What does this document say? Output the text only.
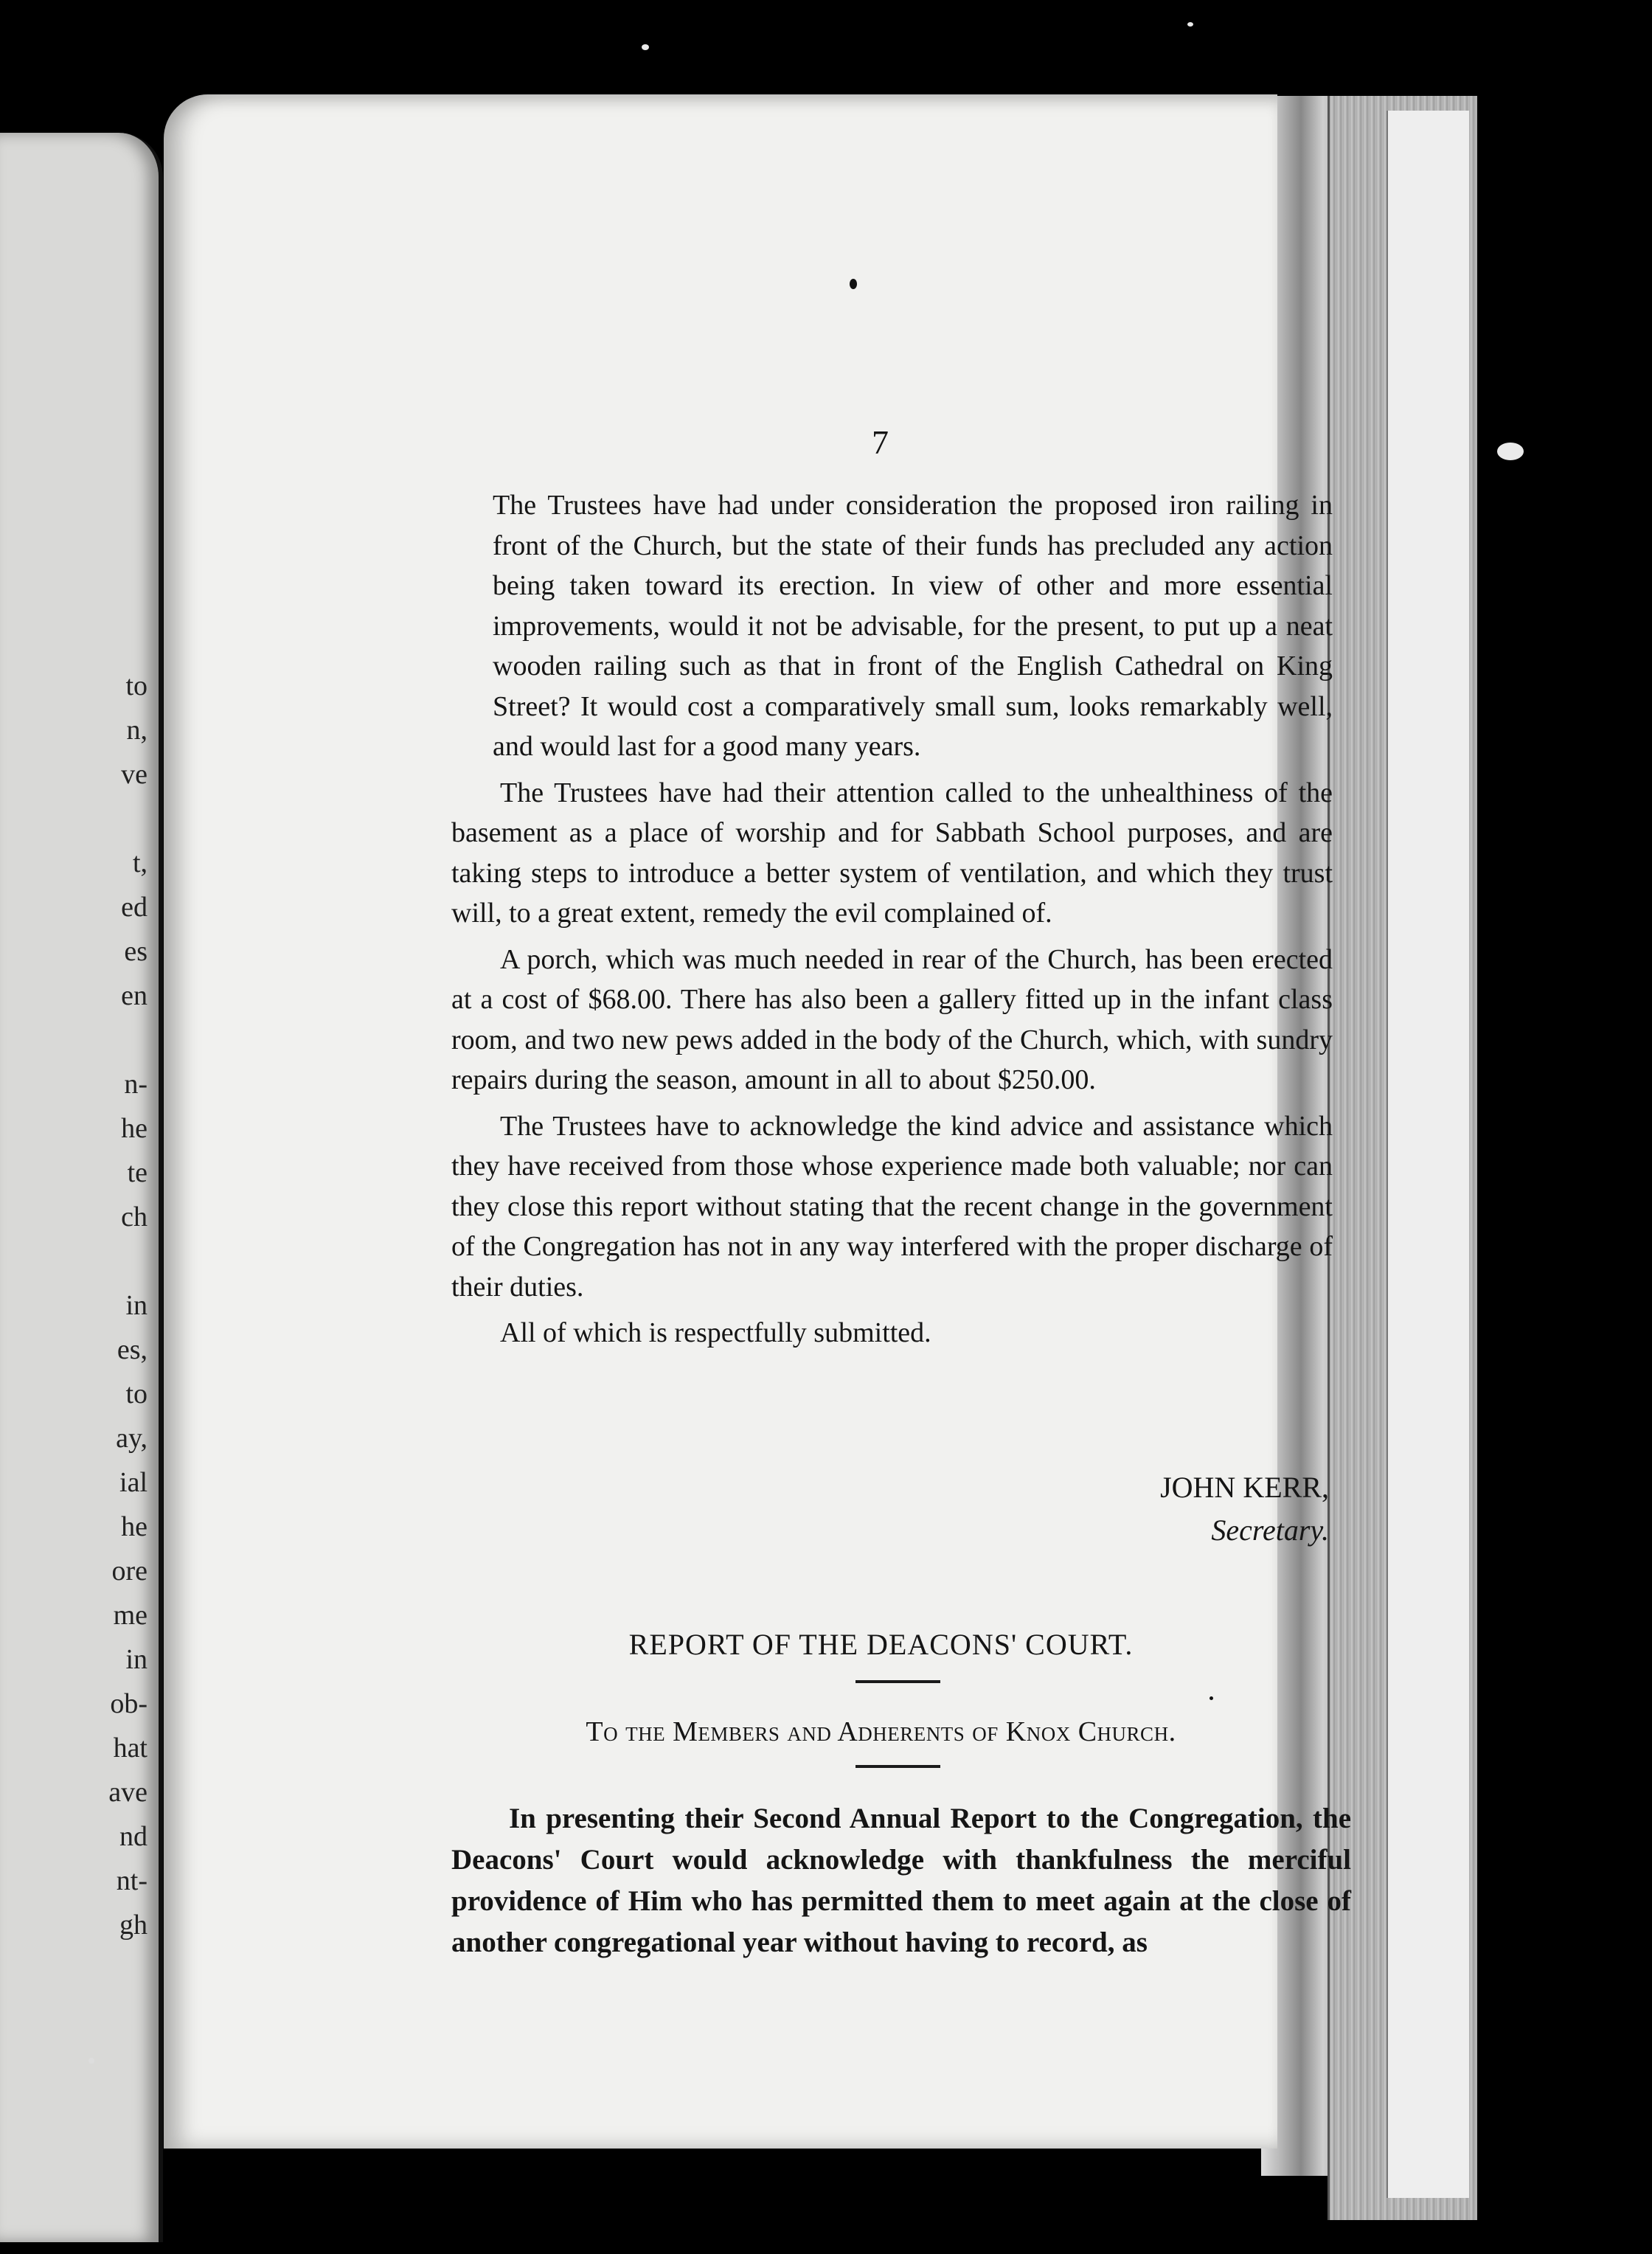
to
n,
ve
t,
ed
es
en
n-
he
te
ch
in
es,
to
ay,
ial
he
ore
me
in
ob-
hat
ave
nd
nt-
gh
7

The Trustees have had under consideration the proposed iron railing in front of the Church, but the state of their funds has precluded any action being taken toward its erection. In view of other and more essential improvements, would it not be advisable, for the present, to put up a neat wooden railing such as that in front of the English Cathedral on King Street? It would cost a comparatively small sum, looks remarkably well, and would last for a good many years.

The Trustees have had their attention called to the unhealthiness of the basement as a place of worship and for Sabbath School purposes, and are taking steps to introduce a better system of ventilation, and which they trust will, to a great extent, remedy the evil complained of.

A porch, which was much needed in rear of the Church, has been erected at a cost of $68.00. There has also been a gallery fitted up in the infant class room, and two new pews added in the body of the Church, which, with sundry repairs during the season, amount in all to about $250.00.

The Trustees have to acknowledge the kind advice and assistance which they have received from those whose experience made both valuable; nor can they close this report without stating that the recent change in the government of the Congregation has not in any way interfered with the proper discharge of their duties.

All of which is respectfully submitted.

JOHN KERR,
Secretary.
REPORT OF THE DEACONS' COURT.
To the Members and Adherents of Knox Church.

In presenting their Second Annual Report to the Congregation, the Deacons' Court would acknowledge with thankfulness the merciful providence of Him who has permitted them to meet again at the close of another congregational year without having to record, as
